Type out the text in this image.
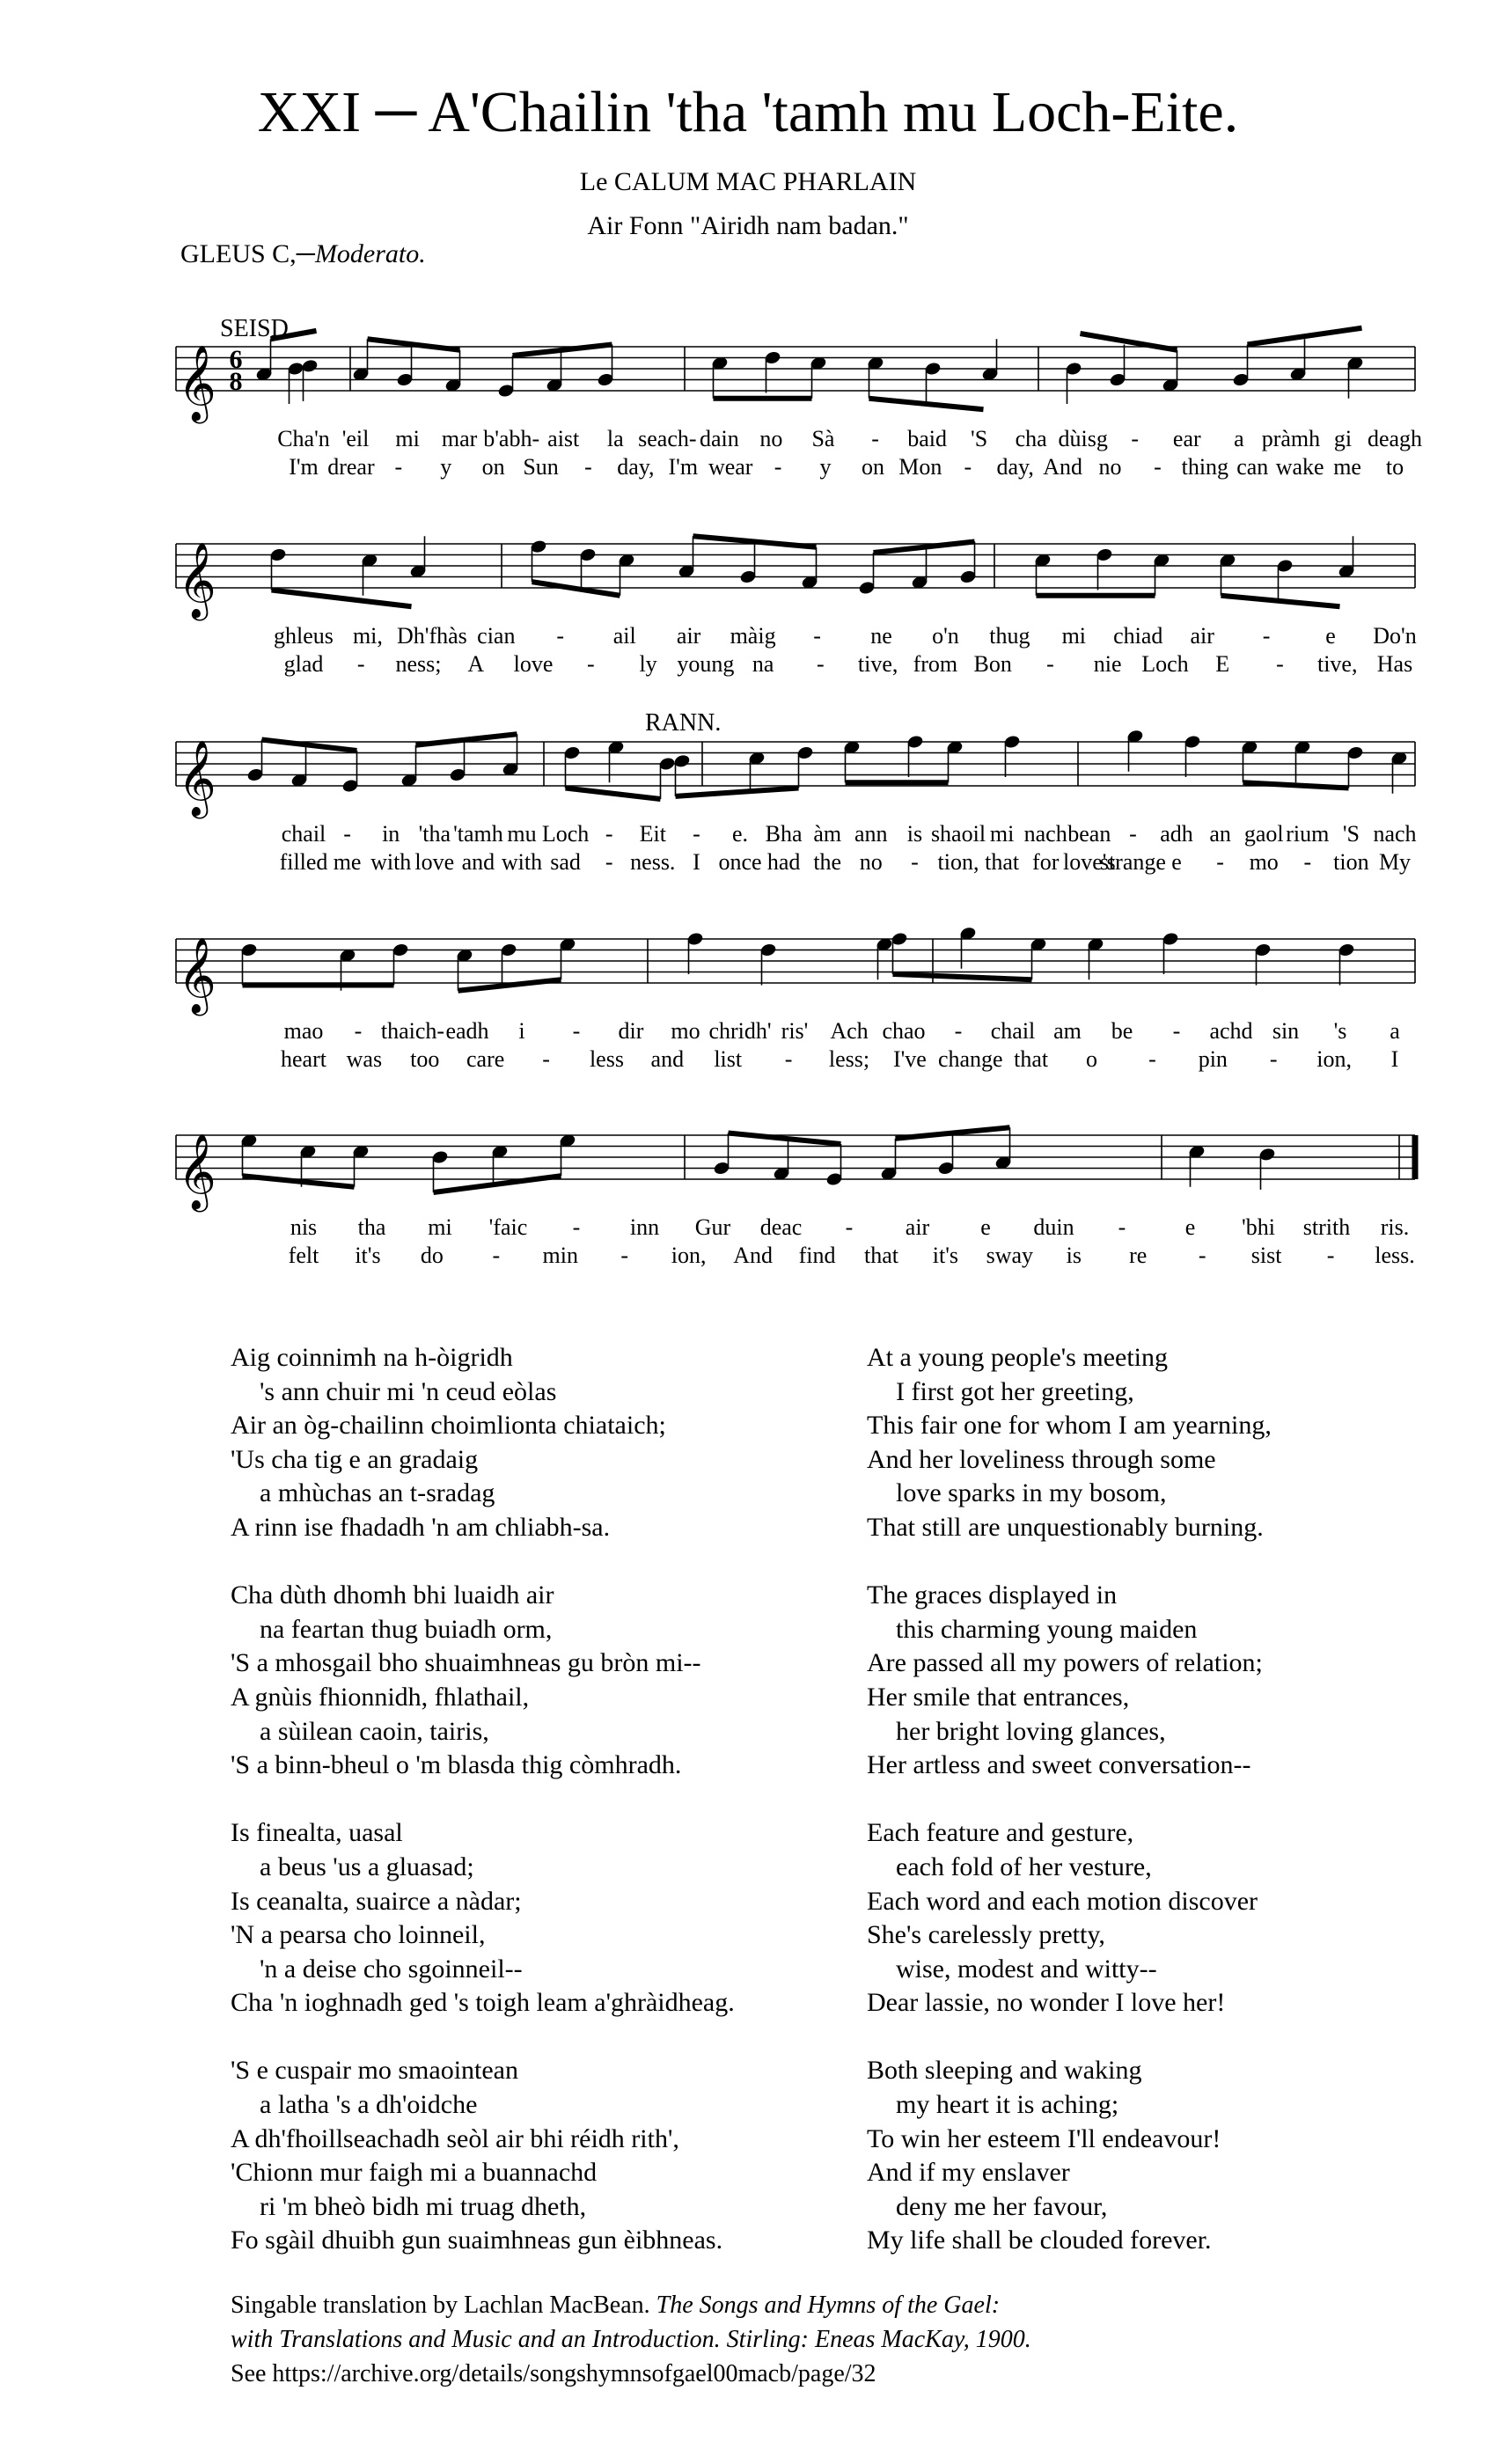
XXI ─ A'Chailin 'tha 'tamh mu Loch-Eite.
Le CALUM MAC PHARLAIN
Air Fonn "Airidh nam badan."
GLEUS C,─Moderato.
𝄞
𝄞
𝄞
𝄞
𝄞
6
8
SEISD.
RANN.
Cha'n 'eil mi mar b'abh- aist la seach- dain no Sà - baid 'S cha dùisg - ear a pràmh gi deagh
I'm drear - y on Sun - day, I'm wear - y on Mon - day, And no - thing can wake me to
ghleus mi, Dh'fhàs cian - ail air màig - ne o'n thug mi chiad air - e Do'n
glad - ness; A love - ly young na - tive, from Bon - nie Loch E - tive, Has
chail - in 'tha 'tamh mu Loch - Eit - e. Bha àm ann is shaoil mi nach bean - adh an gaol rium 'S nach
filled me with love and with sad - ness. I once had the no - tion, that for love's
strange e - mo - tion My
mao - thaich- eadh i - dir mo chridh' ris' Ach chao - chail am be - achd sin 's a
heart was too care - less and list - less; I've change that o - pin - ion, I
nis tha mi 'faic - inn Gur deac - air e duin -	e 'bhi strith ris.
felt it's do - min - ion, And find that it's sway is re - sist - less.
Aig coinnimh na h-òigridh
's ann chuir mi 'n ceud eòlas
Air an òg-chailinn choimlionta chiataich;
'Us cha tig e an gradaig
a mhùchas an t-sradag
A rinn ise fhadadh 'n am chliabh-sa.
Cha dùth dhomh bhi luaidh air
na feartan thug buiadh orm,
'S a mhosgail bho shuaimhneas gu bròn mi--
A gnùis fhionnidh, fhlathail,
a sùilean caoin, tairis,
'S a binn-bheul o 'm blasda thig còmhradh.
Is finealta, uasal
a beus 'us a gluasad;
Is ceanalta, suairce a nàdar;
'N a pearsa cho loinneil,
'n a deise cho sgoinneil--
Cha 'n ioghnadh ged 's toigh leam a'ghràidheag.
'S e cuspair mo smaointean
a latha 's a dh'oidche
A dh'fhoillseachadh seòl air bhi réidh rith',
'Chionn mur faigh mi a buannachd
ri 'm bheò bidh mi truag dheth,
Fo sgàil dhuibh gun suaimhneas gun èibhneas.
At a young people's meeting
I first got her greeting,
This fair one for whom I am yearning,
And her loveliness through some
love sparks in my bosom,
That still are unquestionably burning.
The graces displayed in
this charming young maiden
Are passed all my powers of relation;
Her smile that entrances,
her bright loving glances,
Her artless and sweet conversation--
Each feature and gesture,
each fold of her vesture,
Each word and each motion discover
She's carelessly pretty,
wise, modest and witty--
Dear lassie, no wonder I love her!
Both sleeping and waking
my heart it is aching;
To win her esteem I'll endeavour!
And if my enslaver
deny me her favour,
My life shall be clouded forever.
Singable translation by Lachlan MacBean. The Songs and Hymns of the Gael:
with Translations and Music and an Introduction. Stirling: Eneas MacKay, 1900.
See https://archive.org/details/songshymnsofgael00macb/page/32
